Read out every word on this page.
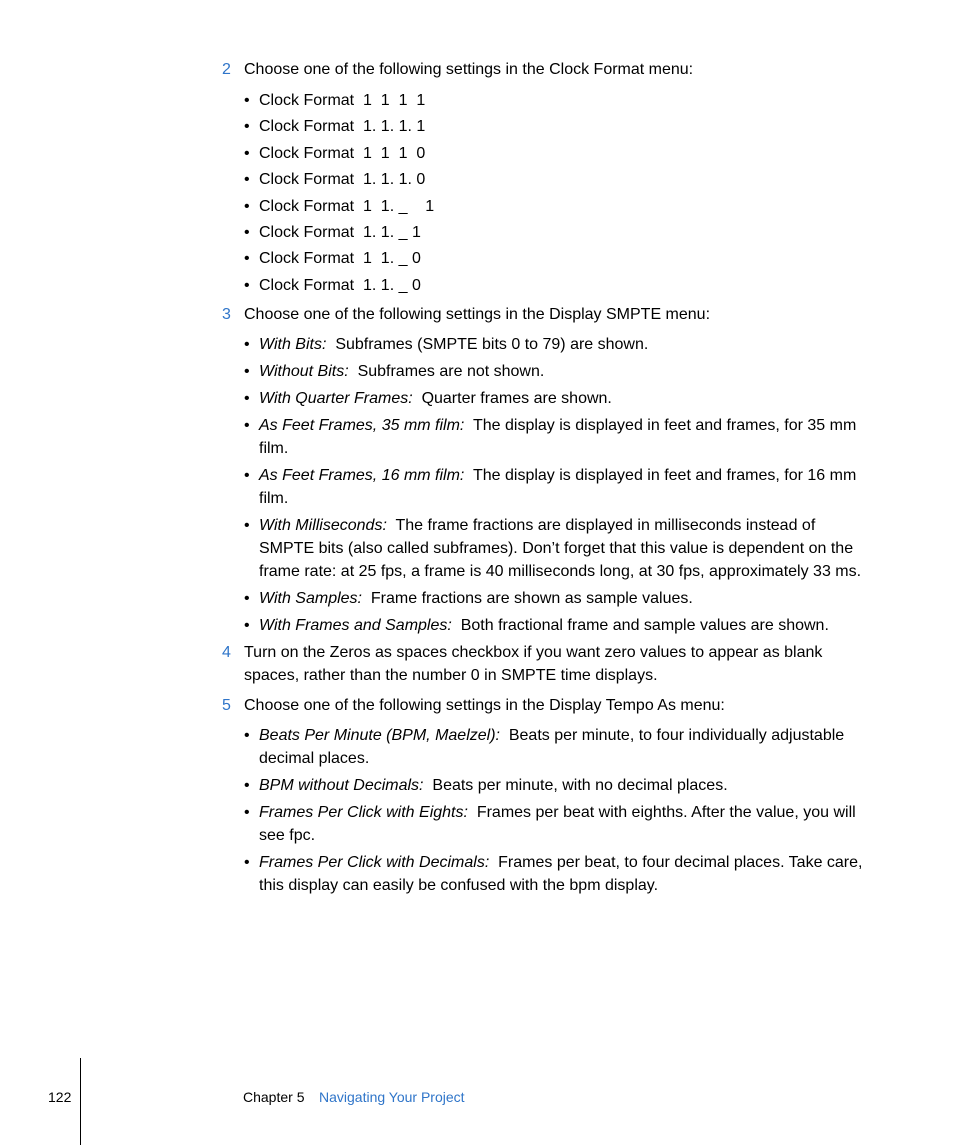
2 Choose one of the following settings in the Clock Format menu:
• Clock Format  1  1  1  1
• Clock Format  1. 1. 1. 1
• Clock Format  1  1  1  0
• Clock Format  1. 1. 1. 0
• Clock Format  1  1. _    1
• Clock Format  1. 1. _ 1
• Clock Format  1  1. _ 0
• Clock Format  1. 1. _ 0
3 Choose one of the following settings in the Display SMPTE menu:
• With Bits: Subframes (SMPTE bits 0 to 79) are shown.
• Without Bits: Subframes are not shown.
• With Quarter Frames: Quarter frames are shown.
• As Feet Frames, 35 mm film: The display is displayed in feet and frames, for 35 mm film.
• As Feet Frames, 16 mm film: The display is displayed in feet and frames, for 16 mm film.
• With Milliseconds: The frame fractions are displayed in milliseconds instead of SMPTE bits (also called subframes). Don’t forget that this value is dependent on the frame rate: at 25 fps, a frame is 40 milliseconds long, at 30 fps, approximately 33 ms.
• With Samples: Frame fractions are shown as sample values.
• With Frames and Samples: Both fractional frame and sample values are shown.
4 Turn on the Zeros as spaces checkbox if you want zero values to appear as blank spaces, rather than the number 0 in SMPTE time displays.
5 Choose one of the following settings in the Display Tempo As menu:
• Beats Per Minute (BPM, Maelzel): Beats per minute, to four individually adjustable decimal places.
• BPM without Decimals: Beats per minute, with no decimal places.
• Frames Per Click with Eights: Frames per beat with eighths. After the value, you will see fpc.
• Frames Per Click with Decimals: Frames per beat, to four decimal places. Take care, this display can easily be confused with the bpm display.
122	Chapter 5 Navigating Your Project
